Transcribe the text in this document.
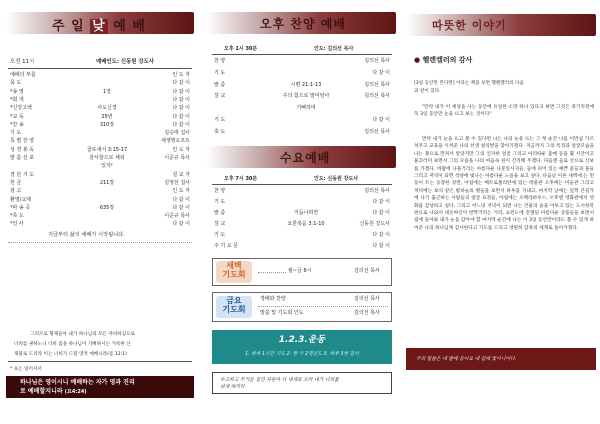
주 일 낮 예 배
오전 11시	예배인도: 신동원 강도사
예배의 부름	인 도 자
묵 도	다 같 이
*송 영	1장	다 같 이
*회 개	다 같 이
*신앙고백	사도신경	다 같 이
*교 독	25번	다 같 이
*찬 송	310장	다 같 이
기 도	김승태 집사
특 별 찬 양	새생명소프트
성 경 봉 독	골로새서 3:15-17	인 도 자
말 씀 선 포	감사함으로 채워	이준규 목사
있자!
결 단 기 도	설 교 자
헌 금	211장	김영선 집사
광 고	인 도 자
환영/교제	다 같 이
*파 송 곡	635장	다 같 이
*축 도	이준규 목사
*인 사	다 같 이
지금부터 삶의 예배가 시작됩니다.
그리므로 형제들아 내가 하나님의 모든 자비하심으로
너희를 권하노니 너희 몸을 하나님이 기뻐하시는 거룩한 산
제물로 드리라 이는 너희가 드릴 영적 예배니라(롬 12:1)
* 표는 일어서서
하나님은 영이시니 예배하는 자가 영과 진리
로 예배할지니라 (요4:24)
오후 찬양 예배
오후 1시 30분	인도: 김의선 목사
찬 양	김의선 목사
기 도	다 같 이
말 씀	시편 21:1-13	김의선 목사
설 교	주의 힘으로 말미암아	김의선 목사
기뻐하며
기 도	다 같 이
축 도	김의선 목사
수요예배
오후 7시 30분	인도: 신동원 강도사
찬 양	김의선 목사
기 도	다 같 이
말 씀	거듭나려면	다 같 이
설 교	요한복음 3:1-10	신동원 강도사
기 도	다 같 이
주 기 도 문	다 같 이
새벽
기도회	월~금 6시	김의선 목사
금요
기도회
경배와 찬양	김의선 목사
말씀 및 기도회 인도	김의선 목사
1.2.3.운동
1. 하루 1시간 기도 2. 한 주 2명전도 3. 하루 3번 감사
수고하고 무거운 짐진 자들아 다 내게로 오라 내가 너희를
쉬게 하리라
따뜻한 이야기
● 헬렌켈러의 감사
[3일 동안만 본다면] 이라는 책을 보면 헬렌켈러의 다음
과 같이 있다.
"만약 내가 이 세상을 사는 동안에 유일한 소망 하나 있다고 하면 그것은 죽기직전에 꼭 3일 동안만 눈을 뜨고 보는 것이다"
만약 내가 눈을 뜨고 볼 수 있다면 나는 나의 눈을 뜨는 그 첫 순간 나를 이만큼 가르쳐주고 교육을 시켜준 나의 선생 설리번을 찾아가겠다. 지금까지 그의 특징과 얼굴모습을 나는 볼으로 만져서 알았지만 그의 인자한 얼굴 그리고 아리따운 몸매 등을 몇 시간이고 물끄러미 보면서 그의 모습을 나의 마음속 깊이 간직해 두겠다. 다음엔 들로 산으로 산보를 가겠다. 바람에 나풀거리는 아름다운 나뭇잎사귀들, 들에 피어 있는 예쁜 꽃들과 풀들 그리고 저녁이 되면 석양에 빛나는 아름다운 노을을 보고 싶다. 다음날 이른 새벽에 는 먼동이 트는 웅장한 장면, 아침에는 메트로폴리탄에 있는 박물관 오후에는 미술관 그리고 저녁에는 보석 같은 밤하늘의 별들을 보면서 하루를 지내고, 마지막 날에는 일찍 큰길가에 나가 출근하는 사람들의 얼굴 표정들, 아침에는 오페라하우스, 오후엔 영화관에서 영화를 감상하고 싶다. 그리고 어느덧 저녁이 되면 나는 건물의 숲을 이루고 있는 도시한복판으로 나와서 네온싸인이 반짝거리는 거리, 쇼윈도에 진열된 아름다운 상품들을 보면서 집에 돌아와 내가 눈을 감아야 할 마지막 순간에 나는 이 3일 동안만이라도 볼 수 있게 하여준 나의 하나님께 감사한다고 기도를 드리고 영원히 암흑의 세계로 돌아가겠다.
주의 말씀은 내 발에 등이요 내 길에 빛이니이다.
